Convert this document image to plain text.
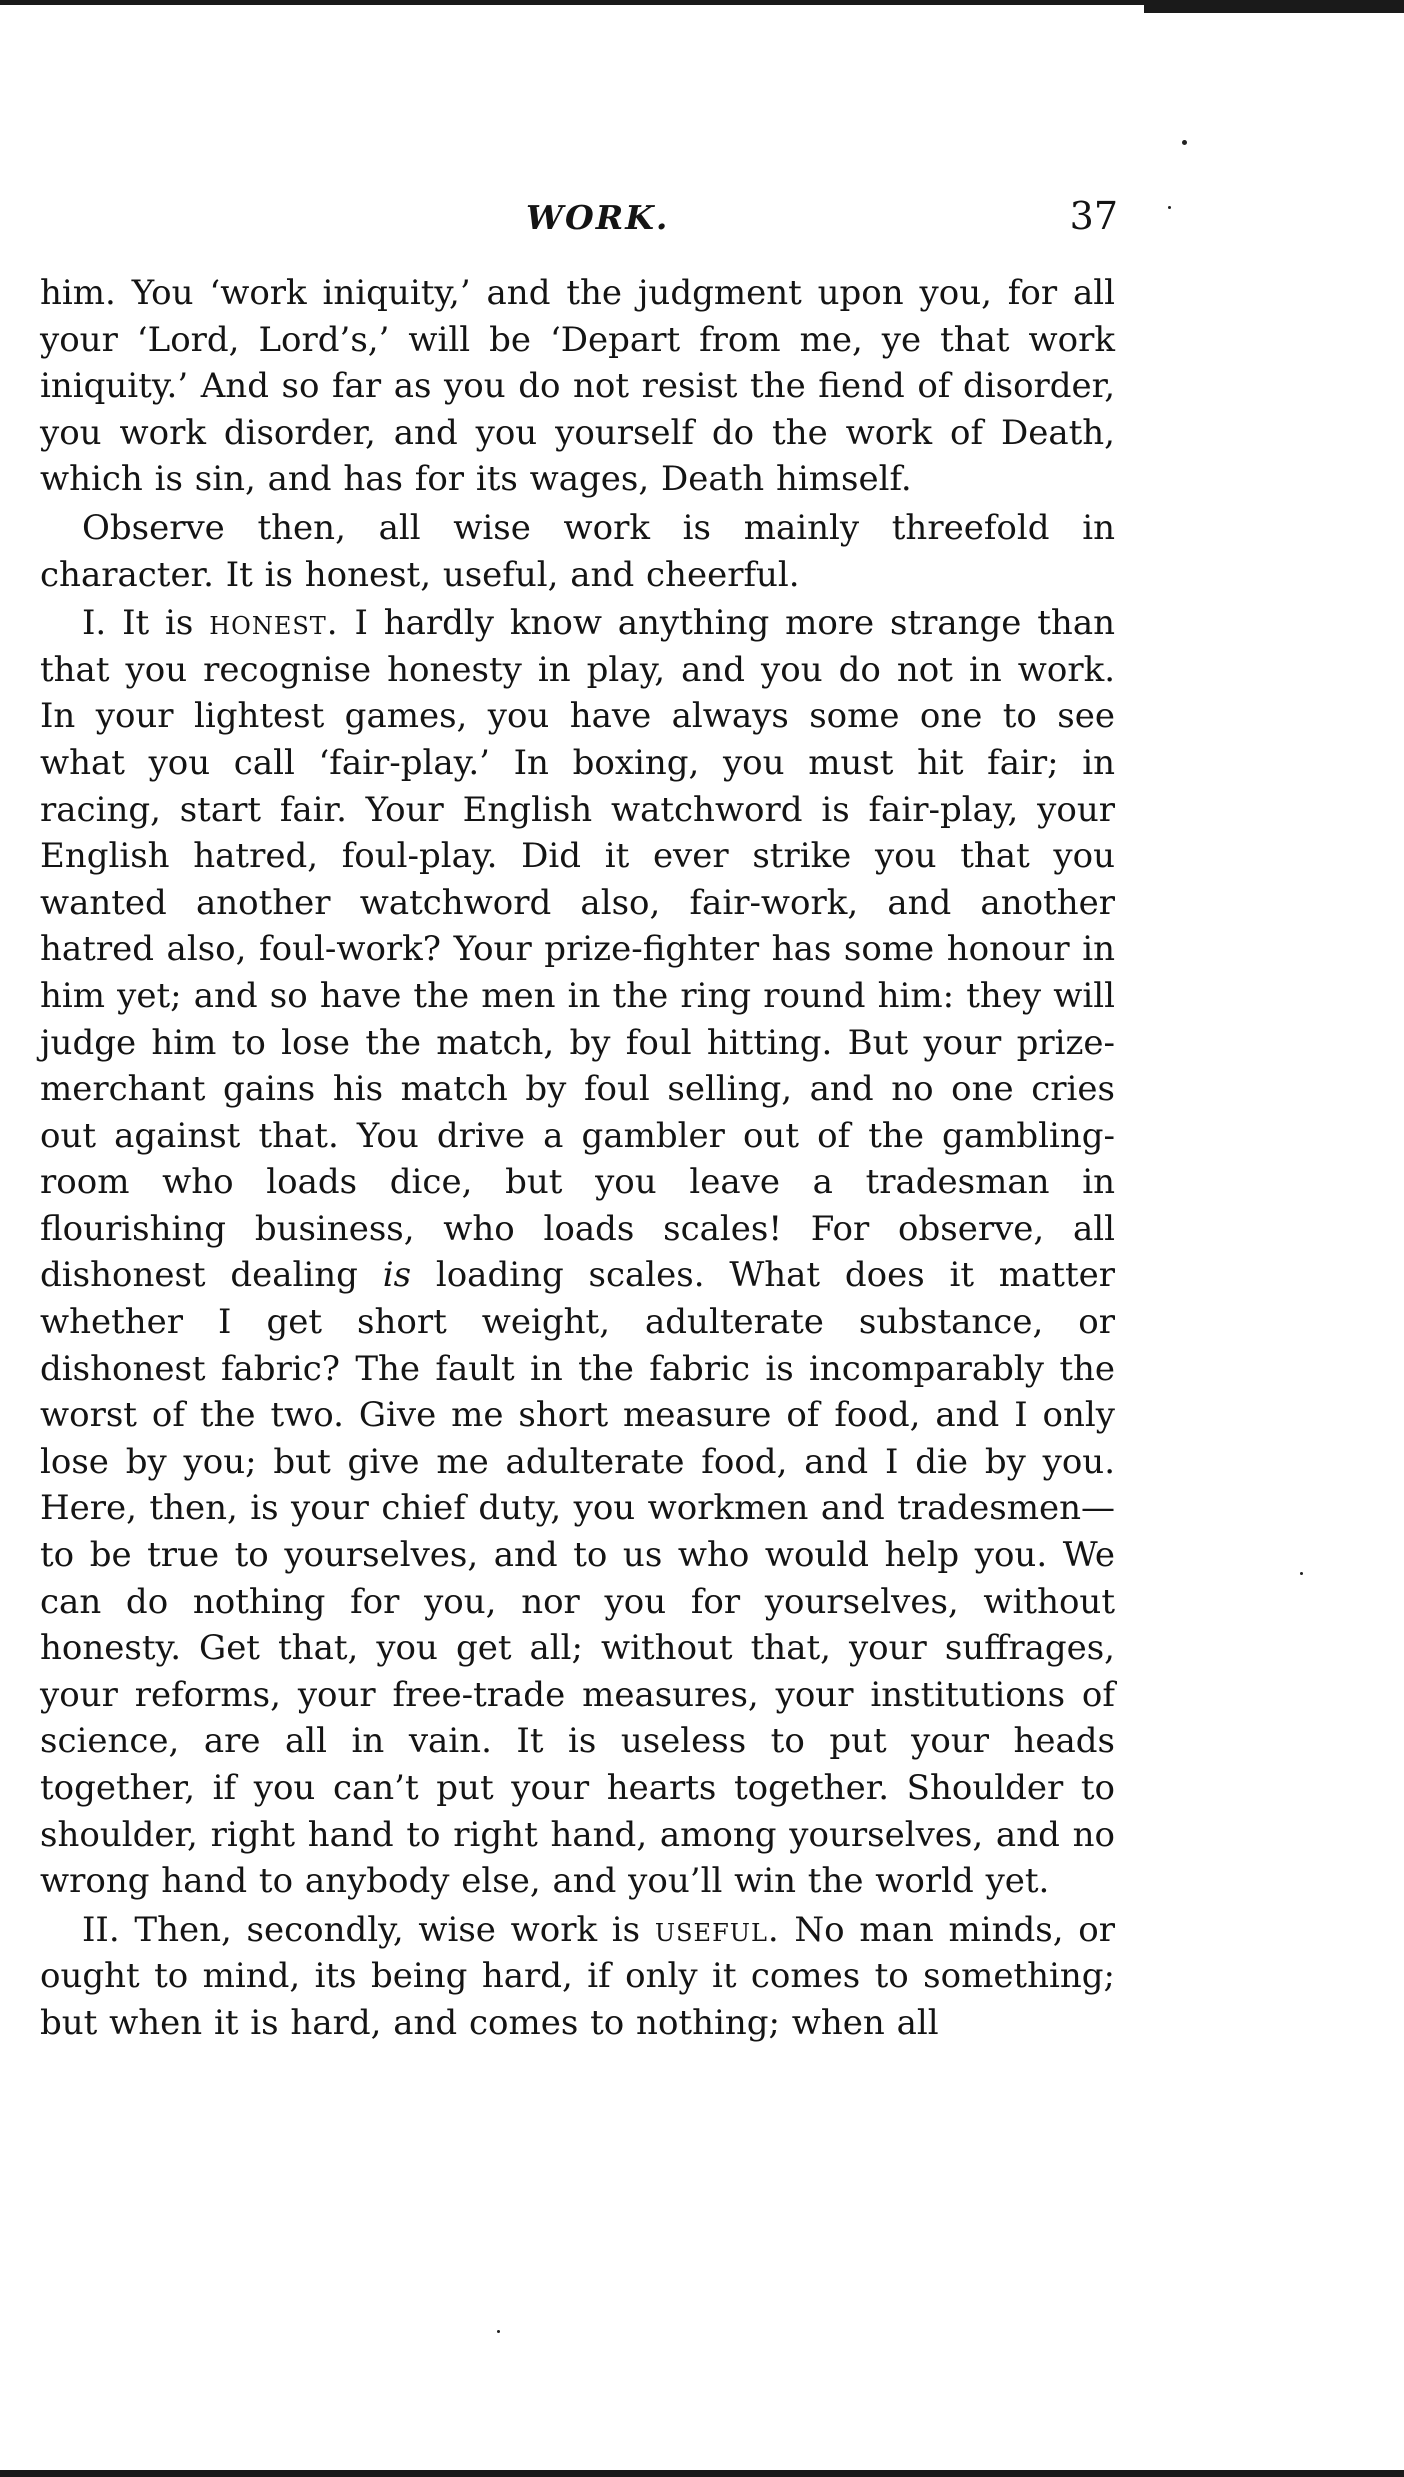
WORK.	37

him. You ‘work iniquity,’ and the judgment upon you, for all your ‘Lord, Lord’s,’ will be ‘Depart from me, ye that work iniquity.’ And so far as you do not resist the fiend of disorder, you work disorder, and you yourself do the work of Death, which is sin, and has for its wages, Death himself.

Observe then, all wise work is mainly threefold in character. It is honest, useful, and cheerful.

I. It is honest. I hardly know anything more strange than that you recognise honesty in play, and you do not in work. In your lightest games, you have always some one to see what you call ‘fair-play.’ In boxing, you must hit fair; in racing, start fair. Your English watchword is fair-play, your English hatred, foul-play. Did it ever strike you that you wanted another watchword also, fair-work, and another hatred also, foul-work? Your prize-fighter has some honour in him yet; and so have the men in the ring round him: they will judge him to lose the match, by foul hitting. But your prize-merchant gains his match by foul selling, and no one cries out against that. You drive a gambler out of the gambling-room who loads dice, but you leave a tradesman in flourishing business, who loads scales! For observe, all dishonest dealing is loading scales. What does it matter whether I get short weight, adulterate substance, or dishonest fabric? The fault in the fabric is incomparably the worst of the two. Give me short measure of food, and I only lose by you; but give me adulterate food, and I die by you. Here, then, is your chief duty, you workmen and tradesmen—to be true to yourselves, and to us who would help you. We can do nothing for you, nor you for yourselves, without honesty. Get that, you get all; without that, your suffrages, your reforms, your free-trade measures, your institutions of science, are all in vain. It is useless to put your heads together, if you can’t put your hearts together. Shoulder to shoulder, right hand to right hand, among yourselves, and no wrong hand to anybody else, and you’ll win the world yet.

II. Then, secondly, wise work is useful. No man minds, or ought to mind, its being hard, if only it comes to something; but when it is hard, and comes to nothing; when all
